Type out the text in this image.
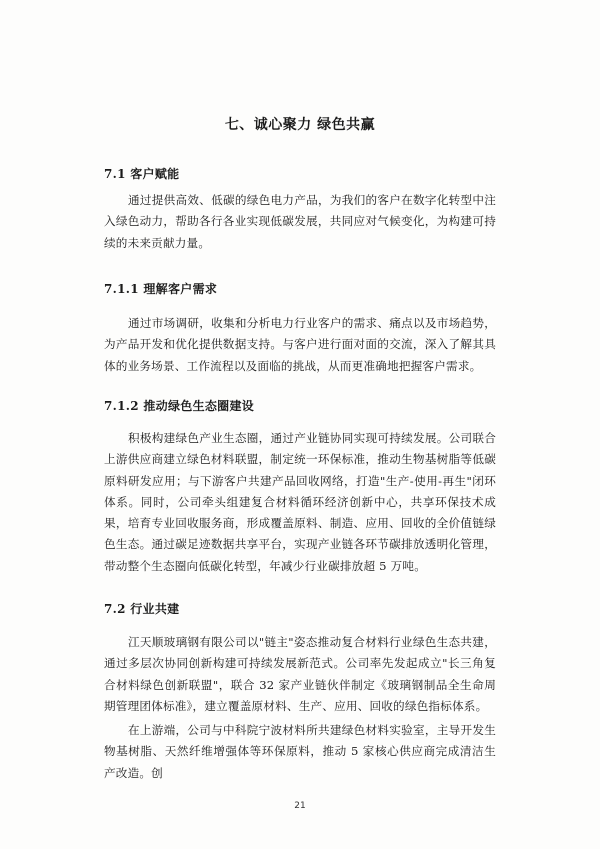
七、诚心聚力 绿色共赢
7.1 客户赋能
通过提供高效、低碳的绿色电力产品，为我们的客户在数字化转型中注入绿色动力，帮助各行各业实现低碳发展，共同应对气候变化，为构建可持续的未来贡献力量。
7.1.1 理解客户需求
通过市场调研，收集和分析电力行业客户的需求、痛点以及市场趋势，为产品开发和优化提供数据支持。与客户进行面对面的交流，深入了解其具体的业务场景、工作流程以及面临的挑战，从而更准确地把握客户需求。
7.1.2 推动绿色生态圈建设
积极构建绿色产业生态圈，通过产业链协同实现可持续发展。公司联合上游供应商建立绿色材料联盟，制定统一环保标准，推动生物基树脂等低碳原料研发应用；与下游客户共建产品回收网络，打造"生产-使用-再生"闭环体系。同时，公司牵头组建复合材料循环经济创新中心，共享环保技术成果，培育专业回收服务商，形成覆盖原料、制造、应用、回收的全价值链绿色生态。通过碳足迹数据共享平台，实现产业链各环节碳排放透明化管理，带动整个生态圈向低碳化转型，年减少行业碳排放超 5 万吨。
7.2 行业共建
江天顺玻璃钢有限公司以"链主"姿态推动复合材料行业绿色生态共建，通过多层次协同创新构建可持续发展新范式。公司率先发起成立"长三角复合材料绿色创新联盟"，联合 32 家产业链伙伴制定《玻璃钢制品全生命周期管理团体标准》，建立覆盖原材料、生产、应用、回收的绿色指标体系。
在上游端，公司与中科院宁波材料所共建绿色材料实验室，主导开发生物基树脂、天然纤维增强体等环保原料，推动 5 家核心供应商完成清洁生产改造。创
21
